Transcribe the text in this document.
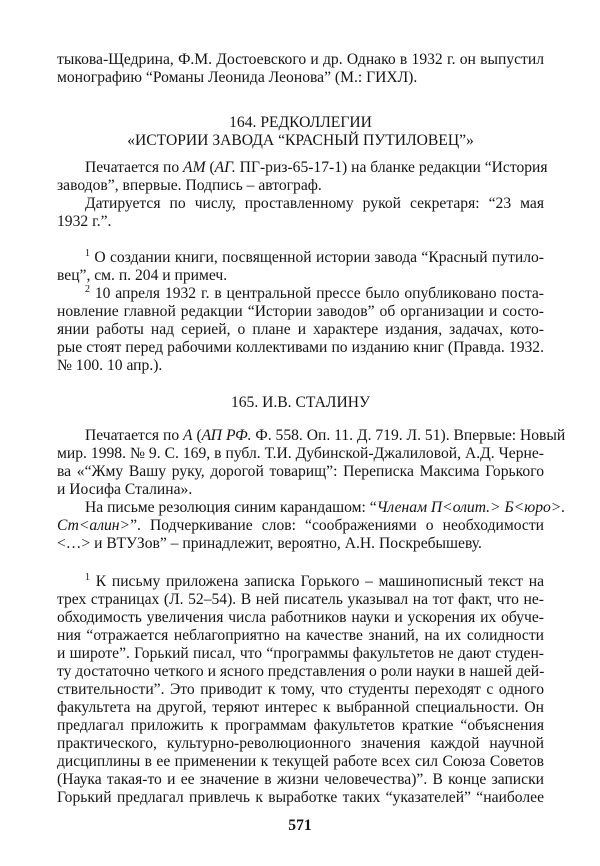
тыкова-Щедрина, Ф.М. Достоевского и др. Однако в 1932 г. он выпустил
монографию “Романы Леонида Леонова” (М.: ГИХЛ).
164. РЕДКОЛЛЕГИИ
«ИСТОРИИ ЗАВОДА “КРАСНЫЙ ПУТИЛОВЕЦ”»
Печатается по АМ (АГ. ПГ-риз-65-17-1) на бланке редакции “История
заводов”, впервые. Подпись – автограф.
Датируется по числу, проставленному рукой секретаря: “23 мая
1932 г.”.
$^1$ О создании книги, посвященной истории завода “Красный путило-
вец”, см. п. 204 и примеч.
$^2$ 10 апреля 1932 г. в центральной прессе было опубликовано поста-
новление главной редакции “Истории заводов” об организации и состо-
янии работы над серией, о плане и характере издания, задачах, кото-
рые стоят перед рабочими коллективами по изданию книг (Правда. 1932.
№ 100. 10 апр.).
165. И.В. СТАЛИНУ
Печатается по А (АП РФ. Ф. 558. Оп. 11. Д. 719. Л. 51). Впервые: Новый
мир. 1998. № 9. С. 169, в публ. Т.И. Дубинской-Джалиловой, А.Д. Черне-
ва «“Жму Вашу руку, дорогой товарищ”: Переписка Максима Горького
и Иосифа Сталина».
На письме резолюция синим карандашом: “Членам П<олит.> Б<юро>.
Ст<алин>”. Подчеркивание слов: “соображениями о необходимости
<…> и ВТУЗов” – принадлежит, вероятно, А.Н. Поскребышеву.
$^1$ К письму приложена записка Горького – машинописный текст на
трех страницах (Л. 52–54). В ней писатель указывал на тот факт, что не-
обходимость увеличения числа работников науки и ускорения их обуче-
ния “отражается неблагоприятно на качестве знаний, на их солидности
и широте”. Горький писал, что “программы факультетов не дают студен-
ту достаточно четкого и ясного представления о роли науки в нашей дей-
ствительности”. Это приводит к тому, что студенты переходят с одного
факультета на другой, теряют интерес к выбранной специальности. Он
предлагал приложить к программам факультетов краткие “объяснения
практического, культурно-революционного значения каждой научной
дисциплины в ее применении к текущей работе всех сил Союза Советов
(Наука такая-то и ее значение в жизни человечества)”. В конце записки
Горький предлагал привлечь к выработке таких “указателей” “наиболее
571
